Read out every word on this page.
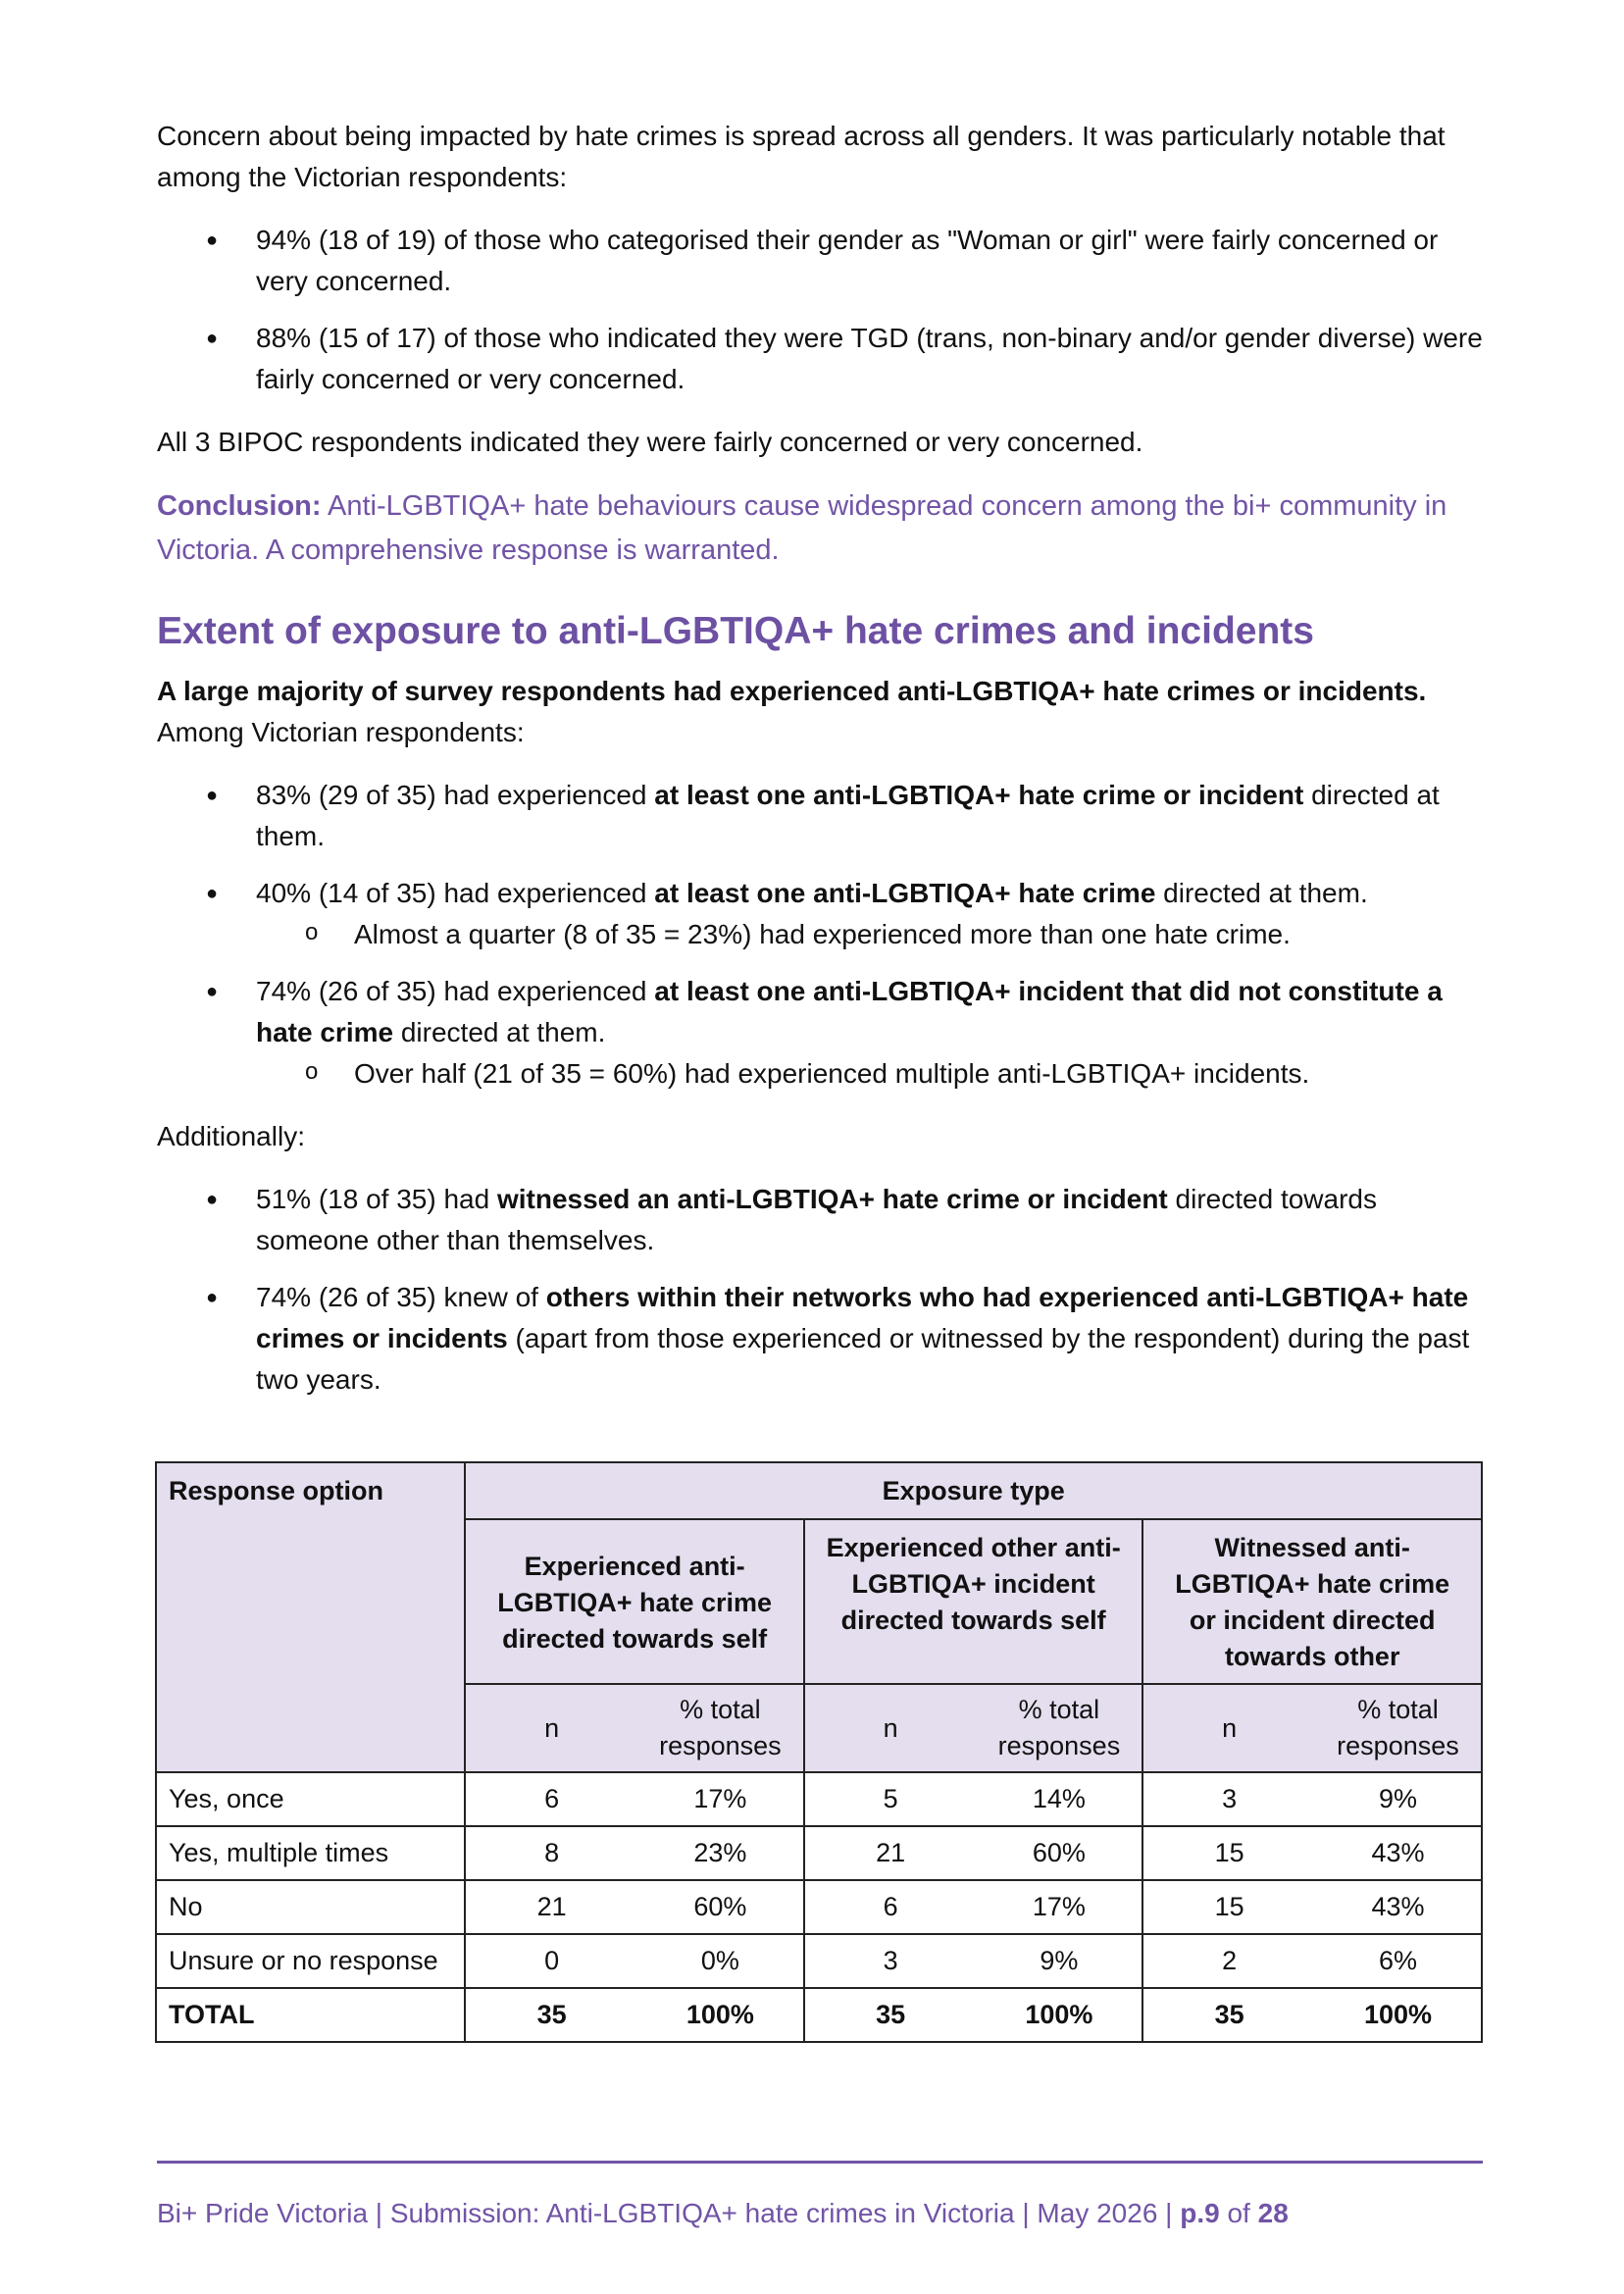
Concern about being impacted by hate crimes is spread across all genders. It was particularly notable that among the Victorian respondents:

● 94% (18 of 19) of those who categorised their gender as "Woman or girl" were fairly concerned or very concerned.
● 88% (15 of 17) of those who indicated they were TGD (trans, non-binary and/or gender diverse) were fairly concerned or very concerned.

All 3 BIPOC respondents indicated they were fairly concerned or very concerned.

Conclusion: Anti-LGBTIQA+ hate behaviours cause widespread concern among the bi+ community in Victoria. A comprehensive response is warranted.

Extent of exposure to anti-LGBTIQA+ hate crimes and incidents

A large majority of survey respondents had experienced anti-LGBTIQA+ hate crimes or incidents. Among Victorian respondents:

● 83% (29 of 35) had experienced at least one anti-LGBTIQA+ hate crime or incident directed at them.
● 40% (14 of 35) had experienced at least one anti-LGBTIQA+ hate crime directed at them.
o Almost a quarter (8 of 35 = 23%) had experienced more than one hate crime.
● 74% (26 of 35) had experienced at least one anti-LGBTIQA+ incident that did not constitute a hate crime directed at them.
o Over half (21 of 35 = 60%) had experienced multiple anti-LGBTIQA+ incidents.

Additionally:

● 51% (18 of 35) had witnessed an anti-LGBTIQA+ hate crime or incident directed towards someone other than themselves.
● 74% (26 of 35) knew of others within their networks who had experienced anti-LGBTIQA+ hate crimes or incidents (apart from those experienced or witnessed by the respondent) during the past two years.
Response option	Exposure type					
	Experienced anti-LGBTIQA+ hate crime directed towards self		Experienced other anti-LGBTIQA+ incident directed towards self		Witnessed anti-LGBTIQA+ hate crime or incident directed towards other	
	n	% total responses	n	% total responses	n	% total responses
Yes, once	6	17%	5	14%	3	9%
Yes, multiple times	8	23%	21	60%	15	43%
No	21	60%	6	17%	15	43%
Unsure or no response	0	0%	3	9%	2	6%
TOTAL	35	100%	35	100%	35	100%
Bi+ Pride Victoria | Submission: Anti-LGBTIQA+ hate crimes in Victoria | May 2026 | p.9 of 28
